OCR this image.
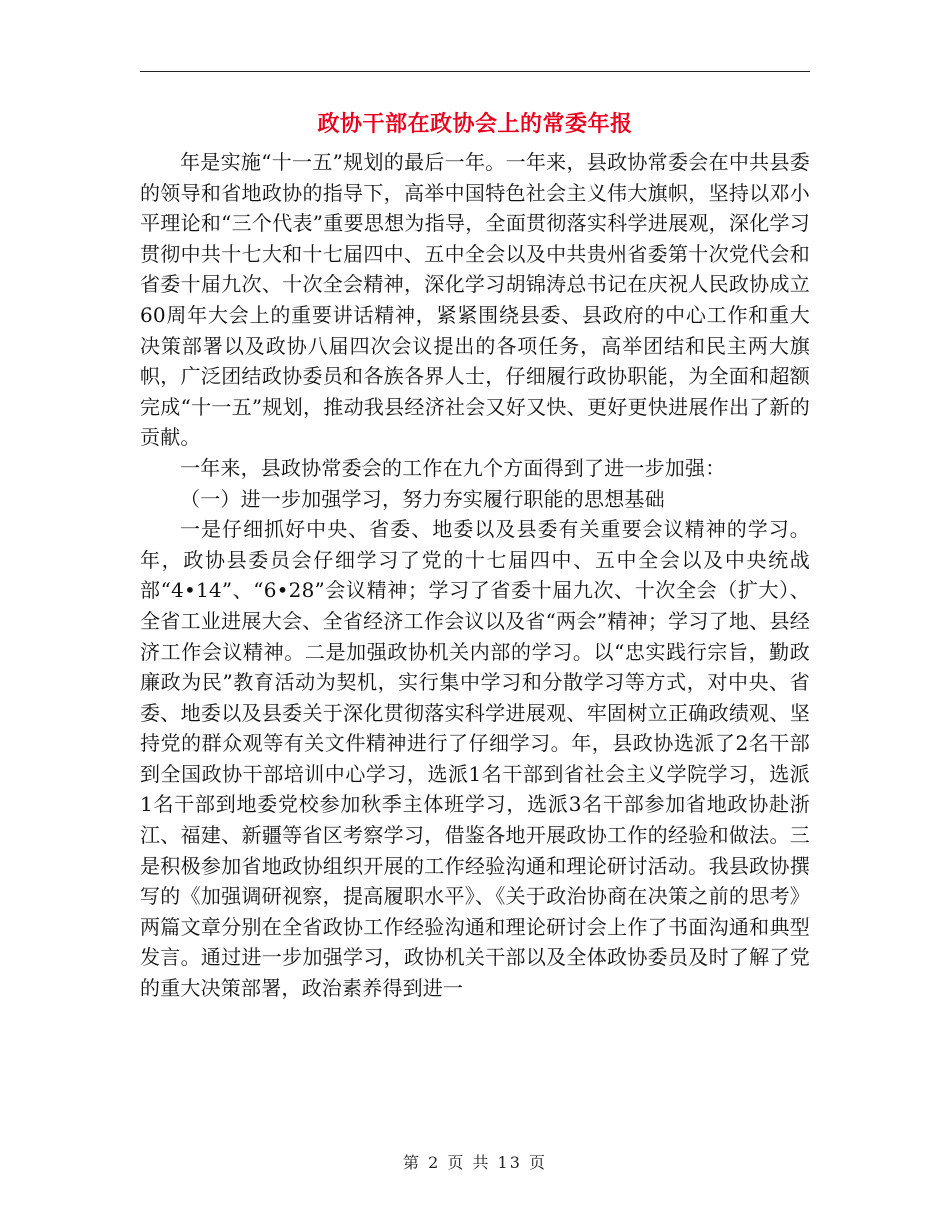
政协干部在政协会上的常委年报

年是实施“十一五”规划的最后一年。一年来，县政协常委会在中共县委的领导和省地政协的指导下，高举中国特色社会主义伟大旗帜，坚持以邓小平理论和“三个代表”重要思想为指导，全面贯彻落实科学进展观，深化学习贯彻中共十七大和十七届四中、五中全会以及中共贵州省委第十次党代会和省委十届九次、十次全会精神，深化学习胡锦涛总书记在庆祝人民政协成立60周年大会上的重要讲话精神，紧紧围绕县委、县政府的中心工作和重大决策部署以及政协八届四次会议提出的各项任务，高举团结和民主两大旗帜，广泛团结政协委员和各族各界人士，仔细履行政协职能，为全面和超额完成“十一五”规划，推动我县经济社会又好又快、更好更快进展作出了新的贡献。

一年来，县政协常委会的工作在九个方面得到了进一步加强：

（一）进一步加强学习，努力夯实履行职能的思想基础

一是仔细抓好中央、省委、地委以及县委有关重要会议精神的学习。年，政协县委员会仔细学习了党的十七届四中、五中全会以及中央统战部“4•14”、“6•28”会议精神；学习了省委十届九次、十次全会（扩大）、全省工业进展大会、全省经济工作会议以及省“两会”精神；学习了地、县经济工作会议精神。二是加强政协机关内部的学习。以“忠实践行宗旨，勤政廉政为民”教育活动为契机，实行集中学习和分散学习等方式，对中央、省委、地委以及县委关于深化贯彻落实科学进展观、牢固树立正确政绩观、坚持党的群众观等有关文件精神进行了仔细学习。年，县政协选派了2名干部到全国政协干部培训中心学习，选派1名干部到省社会主义学院学习，选派1名干部到地委党校参加秋季主体班学习，选派3名干部参加省地政协赴浙江、福建、新疆等省区考察学习，借鉴各地开展政协工作的经验和做法。三是积极参加省地政协组织开展的工作经验沟通和理论研讨活动。我县政协撰写的《加强调研视察，提高履职水平》、《关于政治协商在决策之前的思考》两篇文章分别在全省政协工作经验沟通和理论研讨会上作了书面沟通和典型发言。通过进一步加强学习，政协机关干部以及全体政协委员及时了解了党的重大决策部署，政治素养得到进一

第 2 页 共 13 页
